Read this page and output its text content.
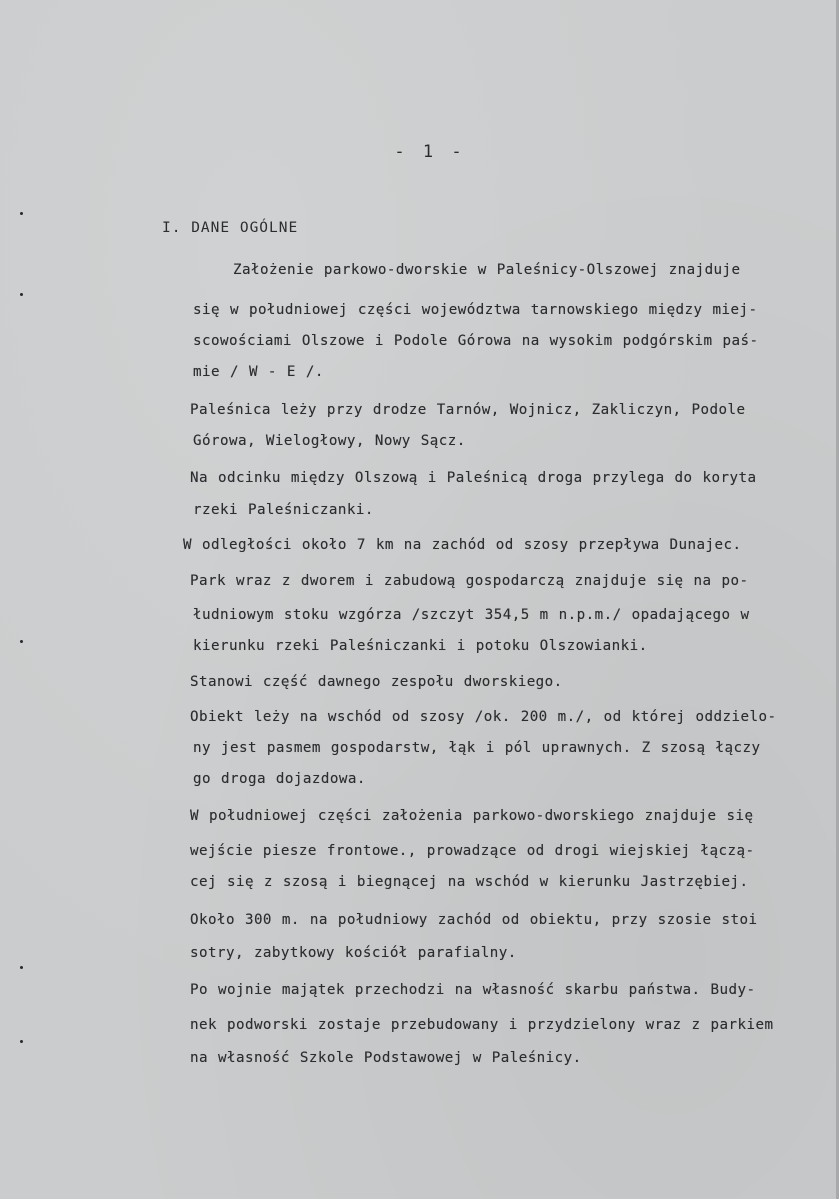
- 1 -
I. DANE OGÓLNE
Założenie parkowo-dworskie w Paleśnicy-Olszowej znajduje
się w południowej części województwa tarnowskiego między miej-
scowościami Olszowe i Podole Górowa na wysokim podgórskim paś-
mie / W - E /.
Paleśnica leży przy drodze Tarnów, Wojnicz, Zakliczyn, Podole
Górowa, Wielogłowy, Nowy Sącz.
Na odcinku między Olszową i Paleśnicą droga przylega do koryta
rzeki Paleśniczanki.
W odległości około 7 km na zachód od szosy przepływa Dunajec.
Park wraz z dworem i zabudową gospodarczą znajduje się na po-
łudniowym stoku wzgórza /szczyt 354,5 m n.p.m./ opadającego w
kierunku rzeki Paleśniczanki i potoku Olszowianki.
Stanowi część dawnego zespołu dworskiego.
Obiekt leży na wschód od szosy /ok. 200 m./, od której oddzielo-
ny jest pasmem gospodarstw, łąk i pól uprawnych. Z szosą łączy
go droga dojazdowa.
W południowej części założenia parkowo-dworskiego znajduje się
wejście piesze frontowe., prowadzące od drogi wiejskiej łączą-
cej się z szosą i biegnącej na wschód w kierunku Jastrzębiej.
Około 300 m. na południowy zachód od obiektu, przy szosie stoi
sotry, zabytkowy kościół parafialny.
Po wojnie majątek przechodzi na własność skarbu państwa. Budy-
nek podworski zostaje przebudowany i przydzielony wraz z parkiem
na własność Szkole Podstawowej w Paleśnicy.
